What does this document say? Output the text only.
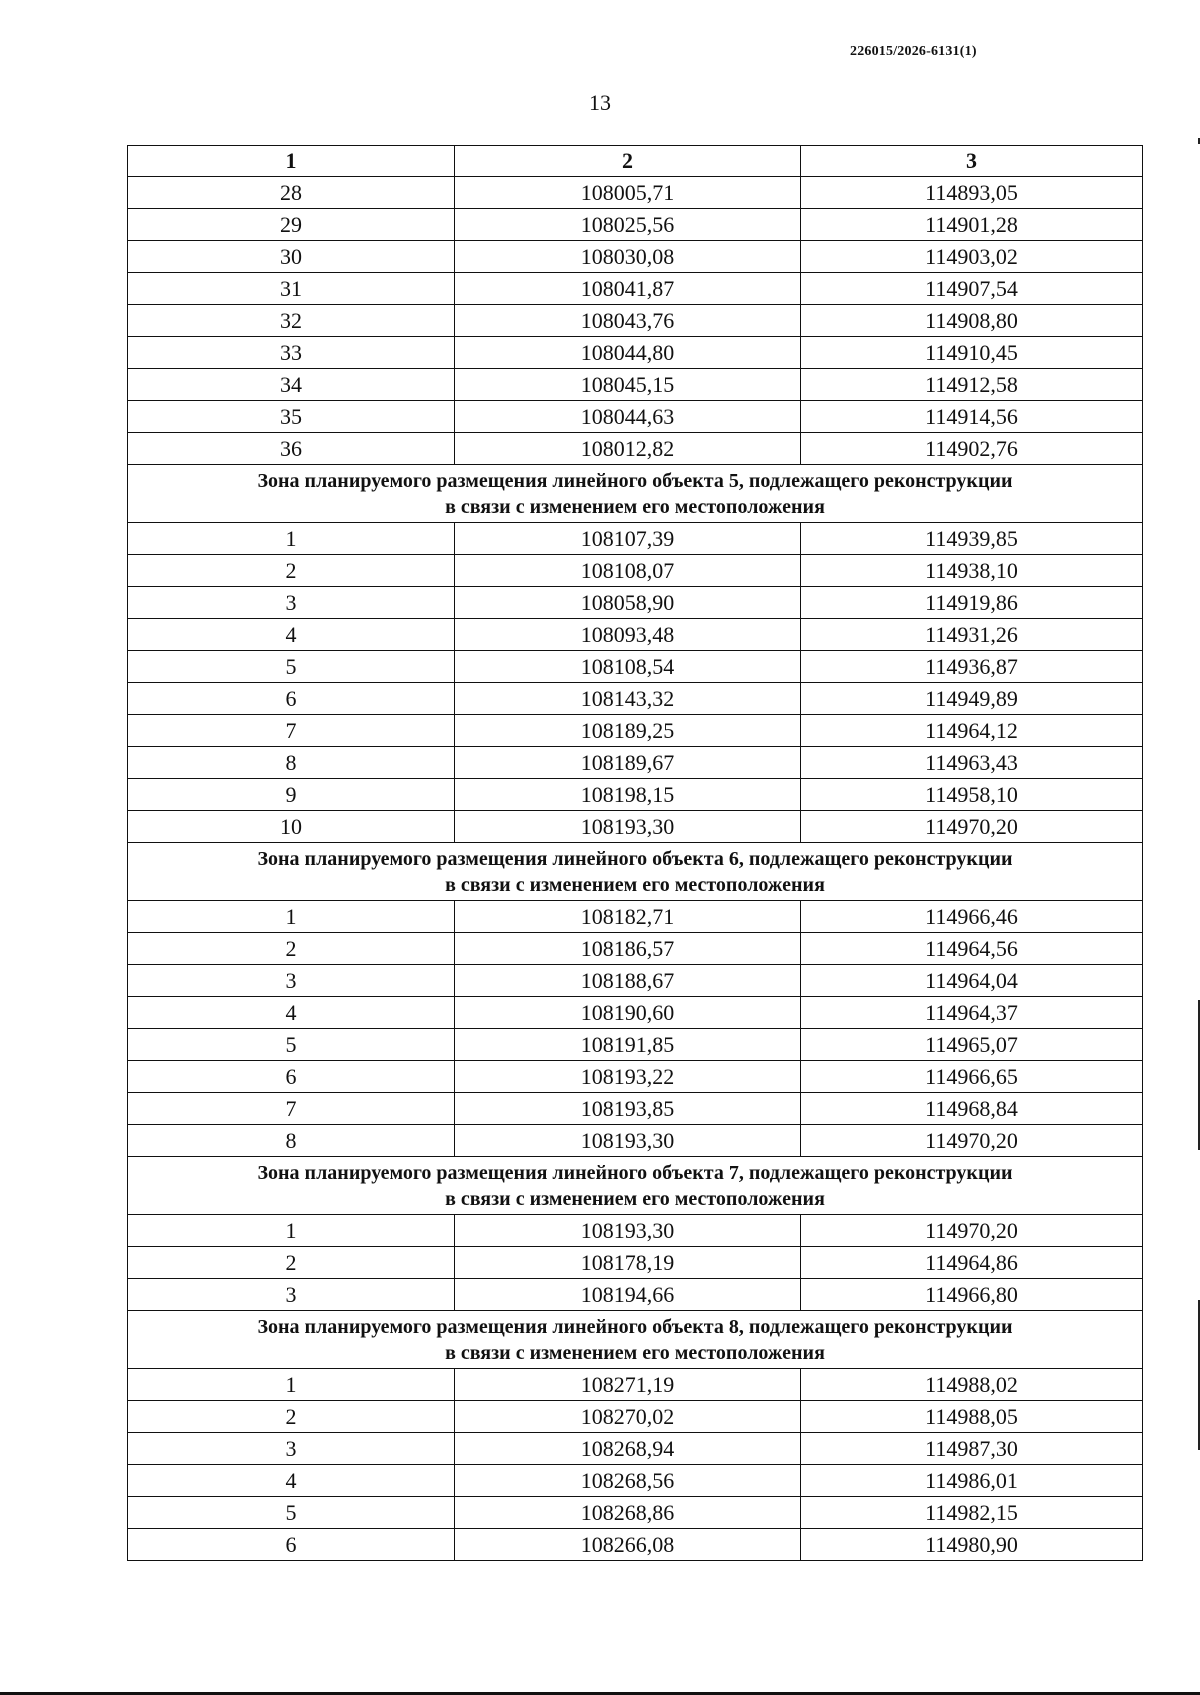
226015/2026-6131(1)
13
1	2	3
28	108005,71	114893,05
29	108025,56	114901,28
30	108030,08	114903,02
31	108041,87	114907,54
32	108043,76	114908,80
33	108044,80	114910,45
34	108045,15	114912,58
35	108044,63	114914,56
36	108012,82	114902,76

Зона планируемого размещения линейного объекта 5, подлежащего реконструкции
в связи с изменением его местоположения		

1	108107,39	114939,85
2	108108,07	114938,10
3	108058,90	114919,86
4	108093,48	114931,26
5	108108,54	114936,87
6	108143,32	114949,89
7	108189,25	114964,12
8	108189,67	114963,43
9	108198,15	114958,10
10	108193,30	114970,20

Зона планируемого размещения линейного объекта 6, подлежащего реконструкции
в связи с изменением его местоположения		

1	108182,71	114966,46
2	108186,57	114964,56
3	108188,67	114964,04
4	108190,60	114964,37
5	108191,85	114965,07
6	108193,22	114966,65
7	108193,85	114968,84
8	108193,30	114970,20

Зона планируемого размещения линейного объекта 7, подлежащего реконструкции
в связи с изменением его местоположения		

1	108193,30	114970,20
2	108178,19	114964,86
3	108194,66	114966,80

Зона планируемого размещения линейного объекта 8, подлежащего реконструкции
в связи с изменением его местоположения		

1	108271,19	114988,02
2	108270,02	114988,05
3	108268,94	114987,30
4	108268,56	114986,01
5	108268,86	114982,15
6	108266,08	114980,90
